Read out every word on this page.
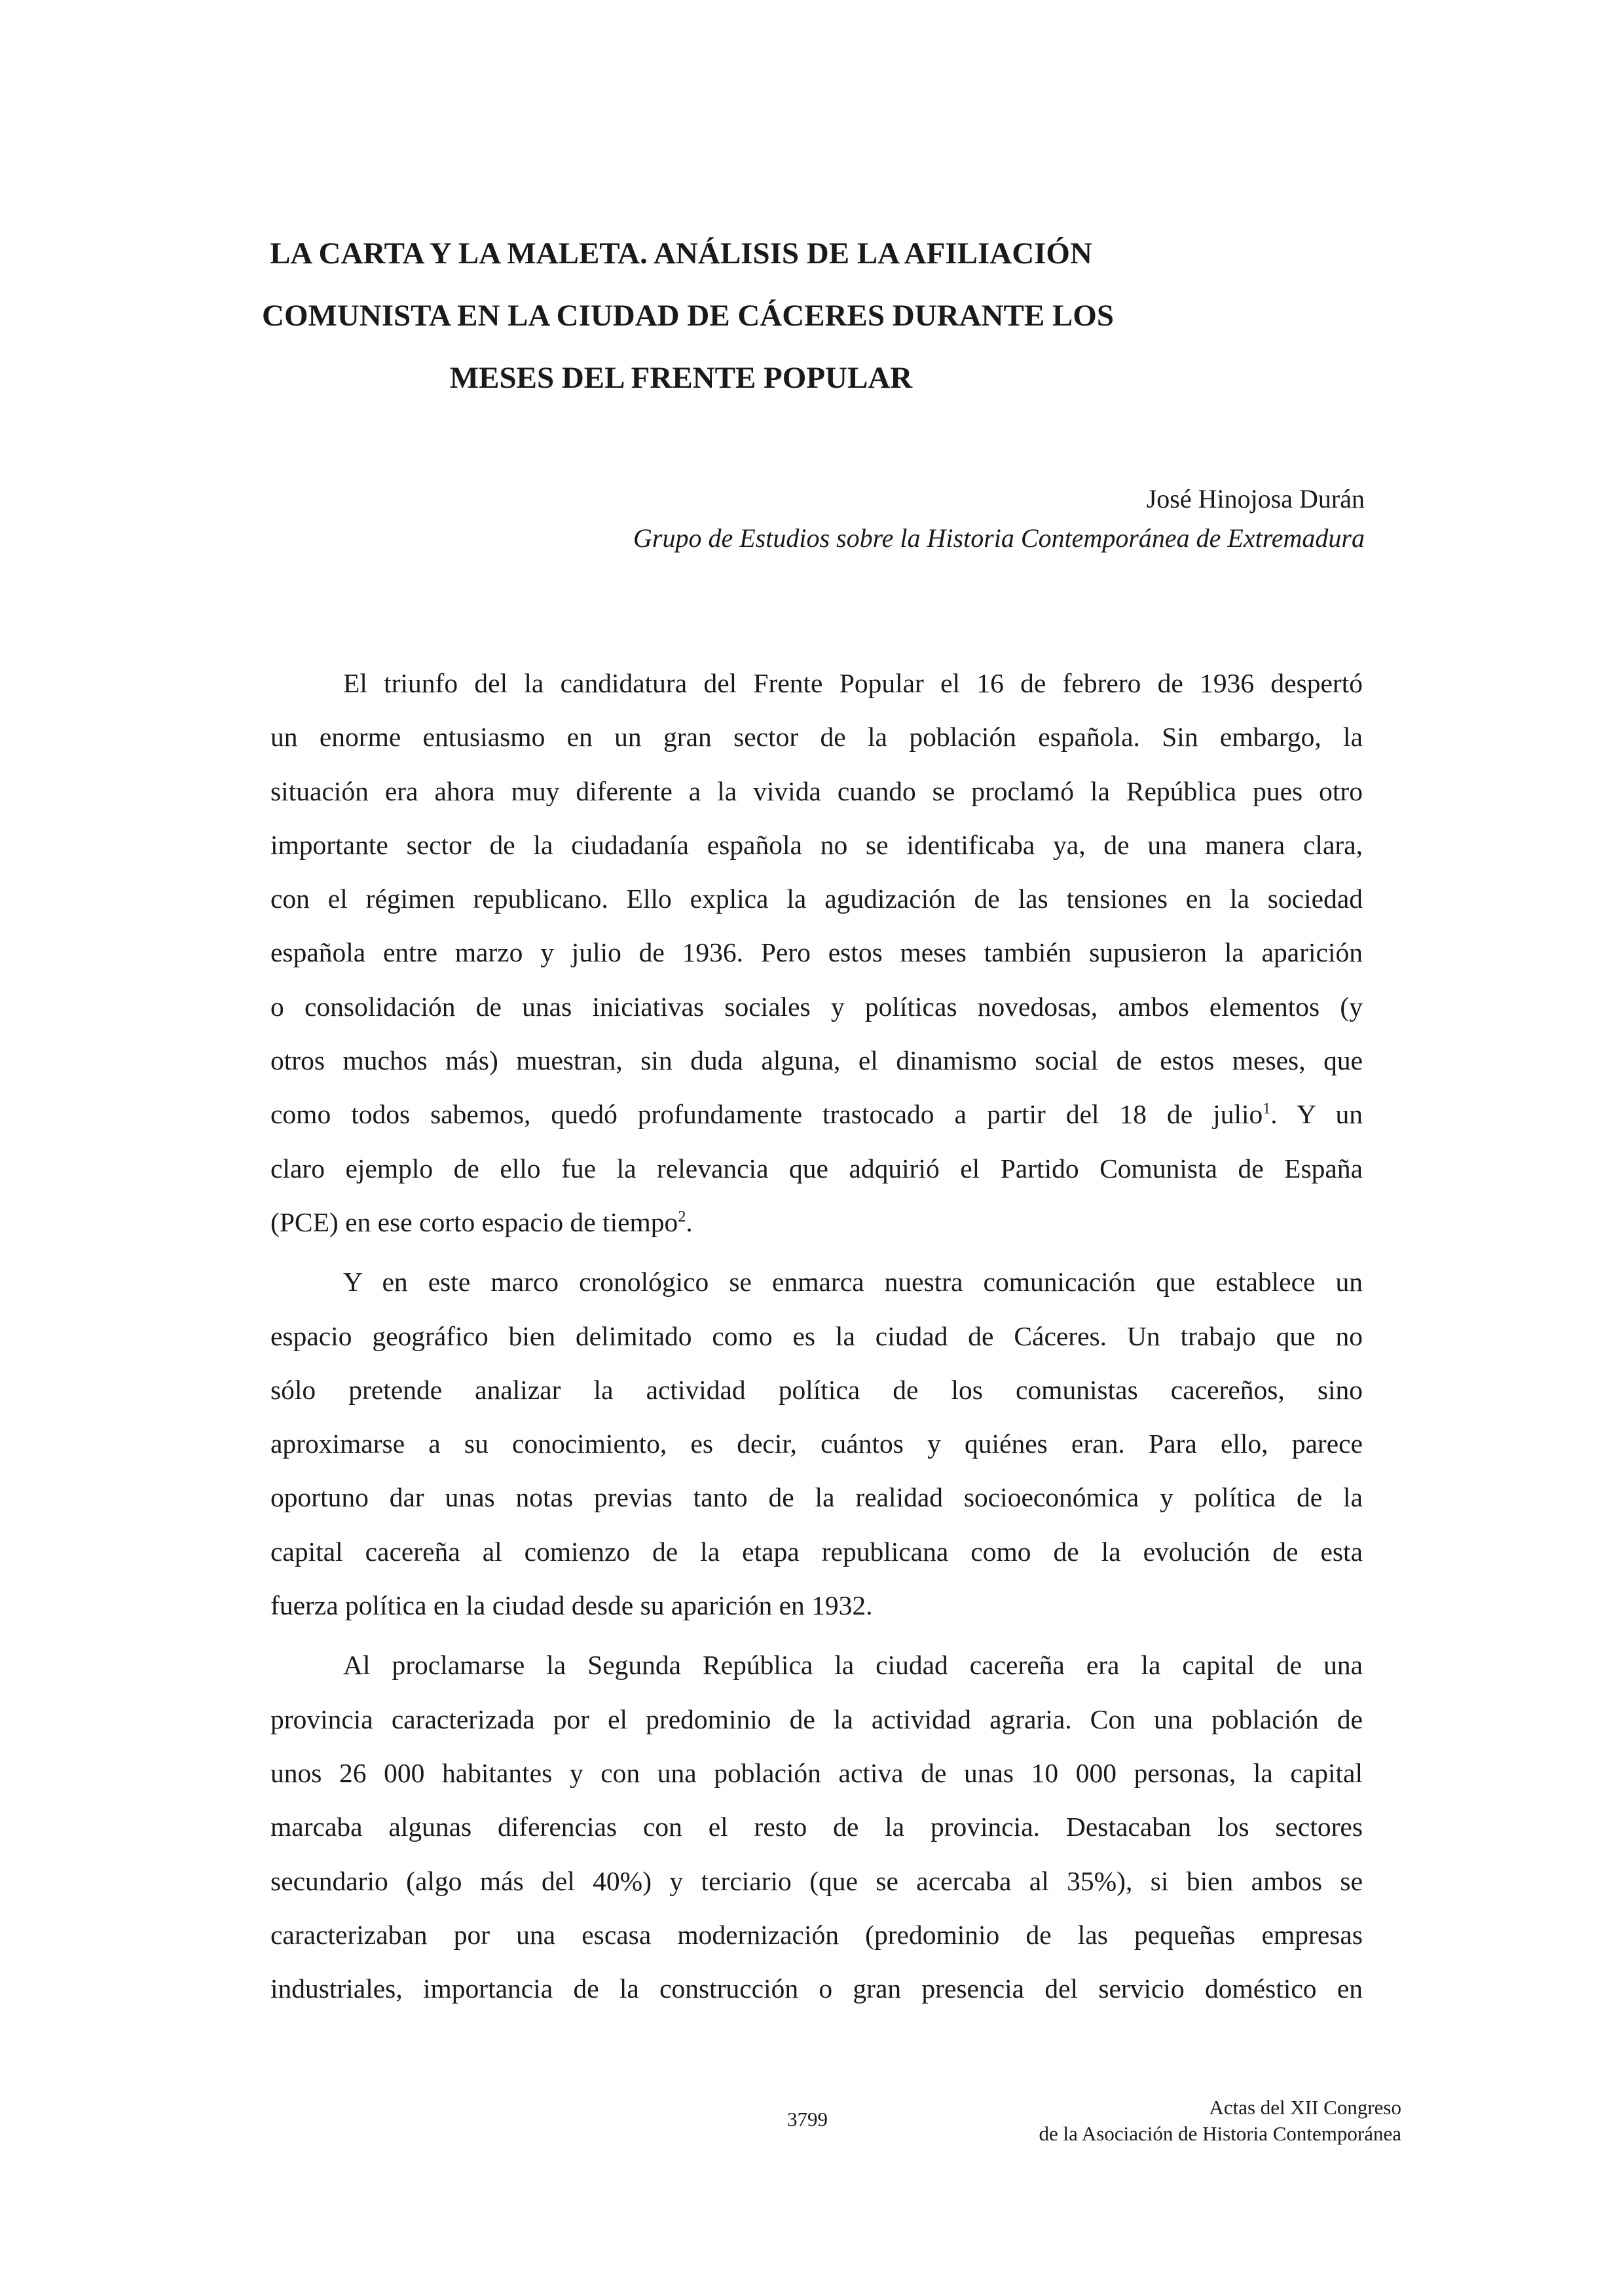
LA CARTA Y LA MALETA. ANÁLISIS DE LA AFILIACIÓN
COMUNISTA EN LA CIUDAD DE CÁCERES DURANTE LOS
MESES DEL FRENTE POPULAR
José Hinojosa Durán
Grupo de Estudios sobre la Historia Contemporánea de Extremadura
El triunfo del la candidatura del Frente Popular el 16 de febrero de 1936 despertó
un enorme entusiasmo en un gran sector de la población española. Sin embargo, la
situación era ahora muy diferente a la vivida cuando se proclamó la República pues otro
importante sector de la ciudadanía española no se identificaba ya, de una manera clara,
con el régimen republicano. Ello explica la agudización de las tensiones en la sociedad
española entre marzo y julio de 1936. Pero estos meses también supusieron la aparición
o consolidación de unas iniciativas sociales y políticas novedosas, ambos elementos (y
otros muchos más) muestran, sin duda alguna, el dinamismo social de estos meses, que
como todos sabemos, quedó profundamente trastocado a partir del 18 de julio$^1$. Y un
claro ejemplo de ello fue la relevancia que adquirió el Partido Comunista de España
(PCE) en ese corto espacio de tiempo$^2$.
Y en este marco cronológico se enmarca nuestra comunicación que establece un
espacio geográfico bien delimitado como es la ciudad de Cáceres. Un trabajo que no
sólo pretende analizar la actividad política de los comunistas cacereños, sino
aproximarse a su conocimiento, es decir, cuántos y quiénes eran. Para ello, parece
oportuno dar unas notas previas tanto de la realidad socioeconómica y política de la
capital cacereña al comienzo de la etapa republicana como de la evolución de esta
fuerza política en la ciudad desde su aparición en 1932.
Al proclamarse la Segunda República la ciudad cacereña era la capital de una
provincia caracterizada por el predominio de la actividad agraria. Con una población de
unos 26 000 habitantes y con una población activa de unas 10 000 personas, la capital
marcaba algunas diferencias con el resto de la provincia. Destacaban los sectores
secundario (algo más del 40%) y terciario (que se acercaba al 35%), si bien ambos se
caracterizaban por una escasa modernización (predominio de las pequeñas empresas
industriales, importancia de la construcción o gran presencia del servicio doméstico en
3799
Actas del XII Congreso
de la Asociación de Historia Contemporánea
